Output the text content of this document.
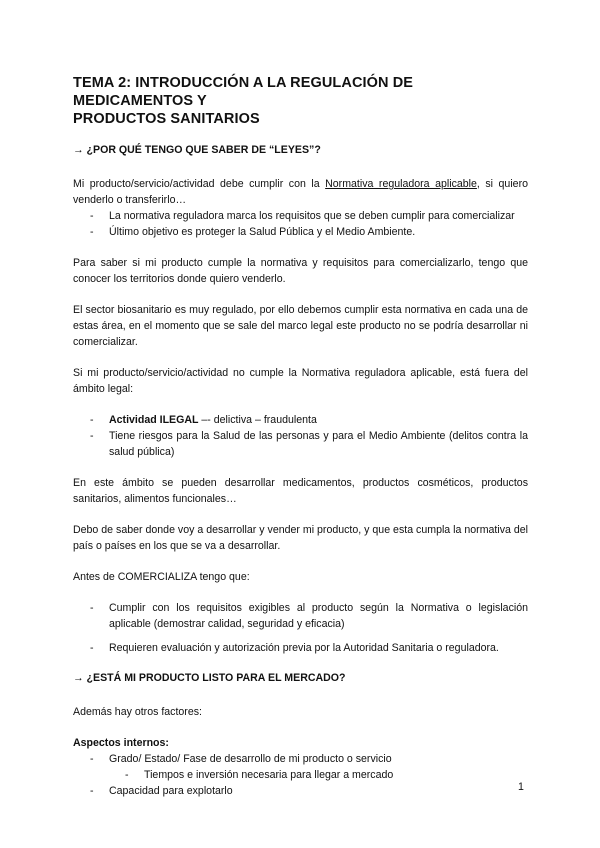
TEMA 2: INTRODUCCIÓN A LA REGULACIÓN DE MEDICAMENTOS Y
PRODUCTOS SANITARIOS
→ ¿POR QUÉ TENGO QUE SABER DE “LEYES”?

Mi producto/servicio/actividad debe cumplir con la Normativa reguladora aplicable, si quiero venderlo o transferirlo…

- La normativa reguladora marca los requisitos que se deben cumplir para comercializar
- Último objetivo es proteger la Salud Pública y el Medio Ambiente.

Para saber si mi producto cumple la normativa y requisitos para comercializarlo, tengo que conocer los territorios donde quiero venderlo.

El sector biosanitario es muy regulado, por ello debemos cumplir esta normativa en cada una de estas área, en el momento que se sale del marco legal este producto no se podría desarrollar ni comercializar.

Si mi producto/servicio/actividad no cumple la Normativa reguladora aplicable, está fuera del ámbito legal:

- Actividad ILEGAL –- delictiva – fraudulenta
- Tiene riesgos para la Salud de las personas y para el Medio Ambiente (delitos contra la salud pública)

En este ámbito se pueden desarrollar medicamentos, productos cosméticos, productos sanitarios, alimentos funcionales…

Debo de saber donde voy a desarrollar y vender mi producto, y que esta cumpla la normativa del país o países en los que se va a desarrollar.

Antes de COMERCIALIZA tengo que:

- Cumplir con los requisitos exigibles al producto según la Normativa o legislación aplicable (demostrar calidad, seguridad y eficacia)
- Requieren evaluación y autorización previa por la Autoridad Sanitaria o reguladora.
→ ¿ESTÁ MI PRODUCTO LISTO PARA EL MERCADO?

Además hay otros factores:

Aspectos internos:
- Grado/ Estado/ Fase de desarrollo de mi producto o servicio
- Tiempos e inversión necesaria para llegar a mercado
- Capacidad para explotarlo	1
